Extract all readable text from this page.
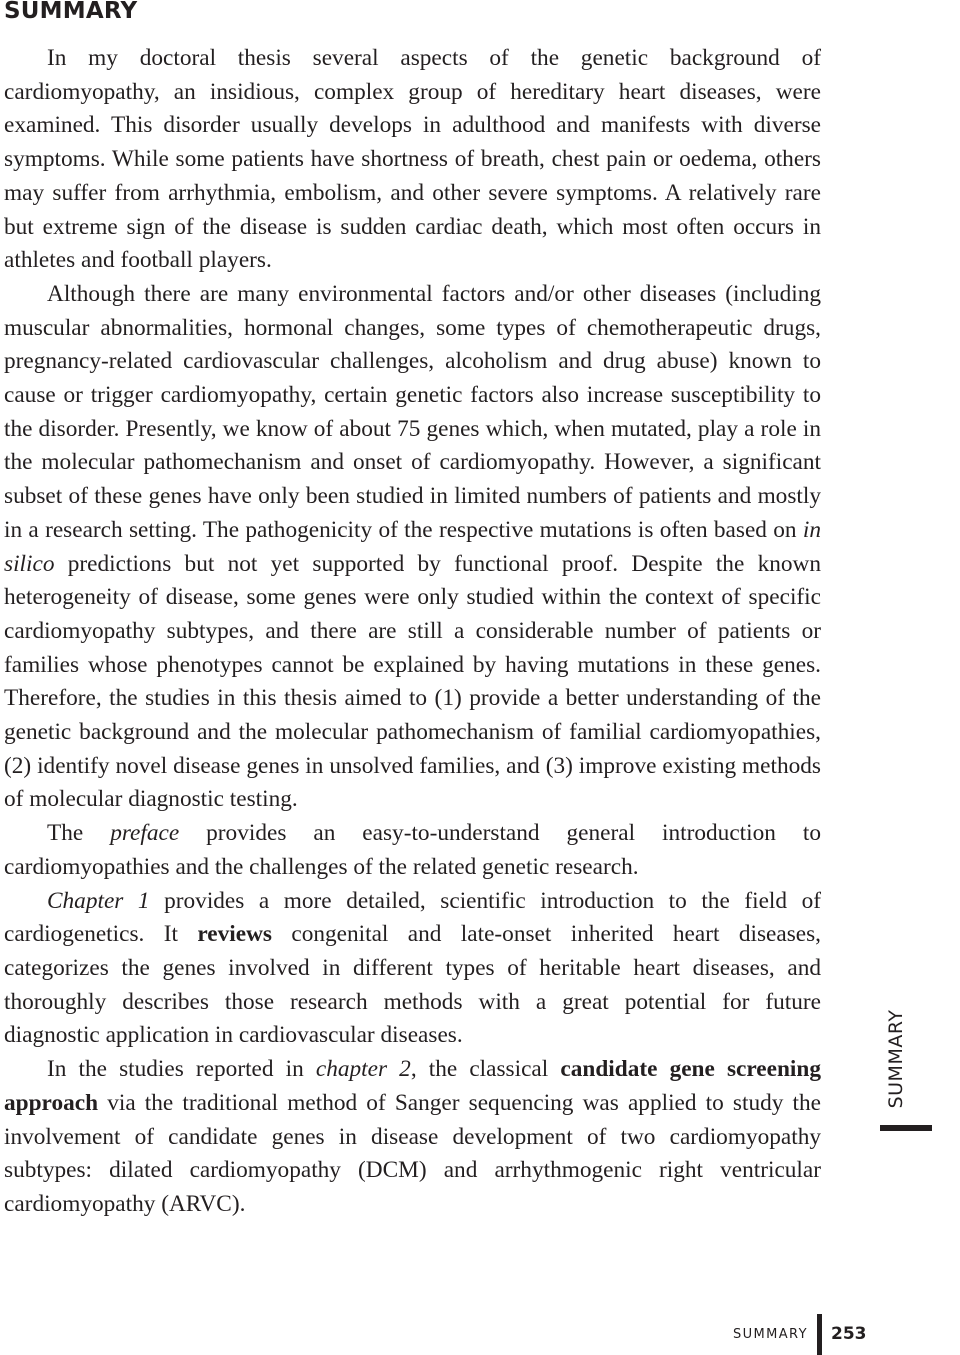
SUMMARY

In my doctoral thesis several aspects of the genetic background of cardiomyopathy, an insidious, complex group of hereditary heart diseases, were examined. This disorder usually develops in adulthood and manifests with diverse symptoms. While some patients have shortness of breath, chest pain or oedema, others may suffer from arrhythmia, embolism, and other severe symptoms. A relatively rare but extreme sign of the disease is sudden cardiac death, which most often occurs in athletes and football players.

Although there are many environmental factors and/or other diseases (including muscular abnormalities, hormonal changes, some types of chemotherapeutic drugs, pregnancy-related cardiovascular challenges, alcoholism and drug abuse) known to cause or trigger cardiomyopathy, certain genetic factors also increase susceptibility to the disorder. Presently, we know of about 75 genes which, when mutated, play a role in the molecular pathomechanism and onset of cardiomyopathy. However, a significant subset of these genes have only been studied in limited numbers of patients and mostly in a research setting. The pathogenicity of the respective mutations is often based on in silico predictions but not yet supported by functional proof. Despite the known heterogeneity of disease, some genes were only studied within the context of specific cardiomyopathy subtypes, and there are still a considerable number of patients or families whose phenotypes cannot be explained by having mutations in these genes. Therefore, the studies in this thesis aimed to (1) provide a better understanding of the genetic background and the molecular pathomechanism of familial cardiomyopathies, (2) identify novel disease genes in unsolved families, and (3) improve existing methods of molecular diagnostic testing.

The preface provides an easy-to-understand general introduction to cardiomyopathies and the challenges of the related genetic research.

Chapter 1 provides a more detailed, scientific introduction to the field of cardiogenetics. It reviews congenital and late-onset inherited heart diseases, categorizes the genes involved in different types of heritable heart diseases, and thoroughly describes those research methods with a great potential for future diagnostic application in cardiovascular diseases.

In the studies reported in chapter 2, the classical candidate gene screening approach via the traditional method of Sanger sequencing was applied to study the involvement of candidate genes in disease development of two cardiomyopathy subtypes: dilated cardiomyopathy (DCM) and arrhythmogenic right ventricular cardiomyopathy (ARVC).

SUMMARY
SUMMARY 253
